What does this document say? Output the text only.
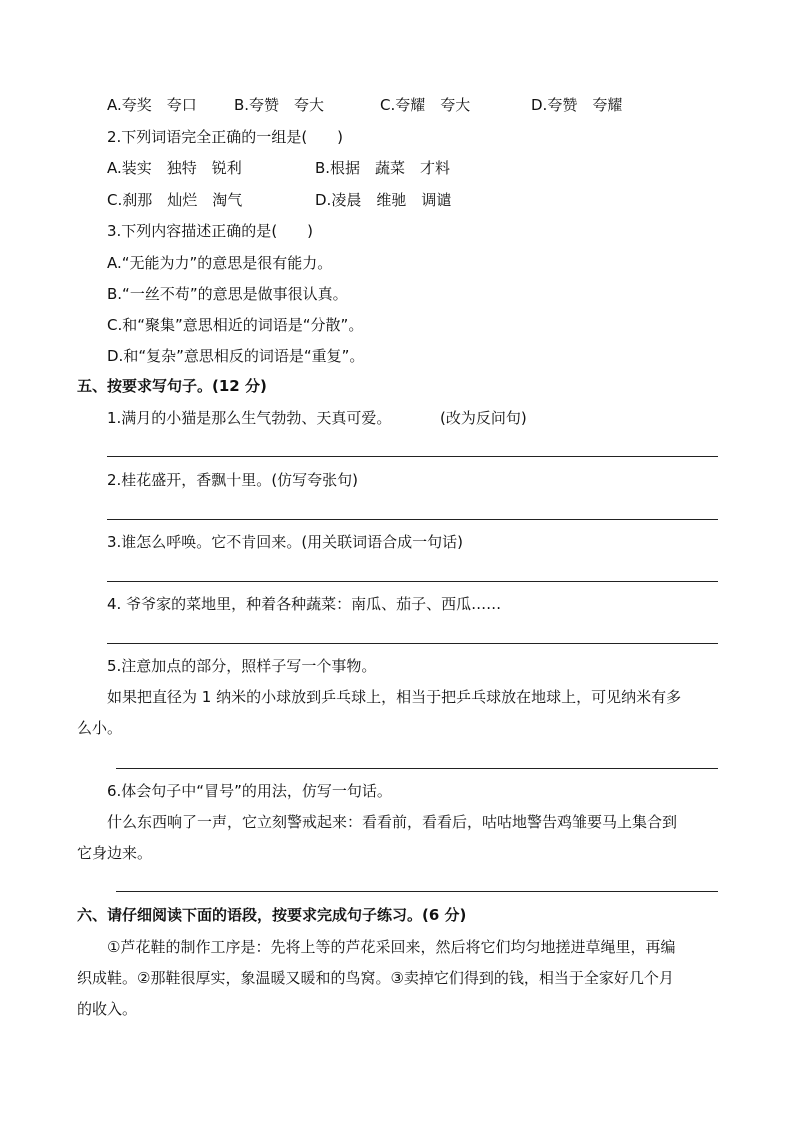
A.夸奖　夸口 B.夸赞　夸大	C.夸耀　夸大	D.夸赞　夸耀
2.下列词语完全正确的一组是(　　)
A.装实　独特　锐利	B.根据　蔬菜　才料
C.刹那　灿烂　淘气	D.凌晨　维驰　调谴
3.下列内容描述正确的是(　　)
A.“无能为力”的意思是很有能力。
B.“一丝不苟”的意思是做事很认真。
C.和“聚集”意思相近的词语是“分散”。
D.和“复杂”意思相反的词语是“重复”。
五、按要求写句子。(12 分)
1.满月的小猫是那么生气勃勃、天真可爱。	(改为反问句)
2.桂花盛开，香飘十里。(仿写夸张句)
3.谁怎么呼唤。它不肯回来。(用关联词语合成一句话)
4. 爷爷家的菜地里，种着各种蔬菜：南瓜、茄子、西瓜……
5.注意加点的部分，照样子写一个事物。
如果把直径为 1 纳米的小球放到乒乓球上，相当于把乒乓球放在地球上，可见纳米有多
么小。
6.体会句子中“冒号”的用法，仿写一句话。
什么东西响了一声，它立刻警戒起来：看看前，看看后，咕咕地警告鸡雏要马上集合到
它身边来。
六、请仔细阅读下面的语段，按要求完成句子练习。(6 分)
①芦花鞋的制作工序是：先将上等的芦花采回来，然后将它们均匀地搓进草绳里，再编
织成鞋。②那鞋很厚实，象温暖又暖和的鸟窝。③卖掉它们得到的钱，相当于全家好几个月
的收入。
